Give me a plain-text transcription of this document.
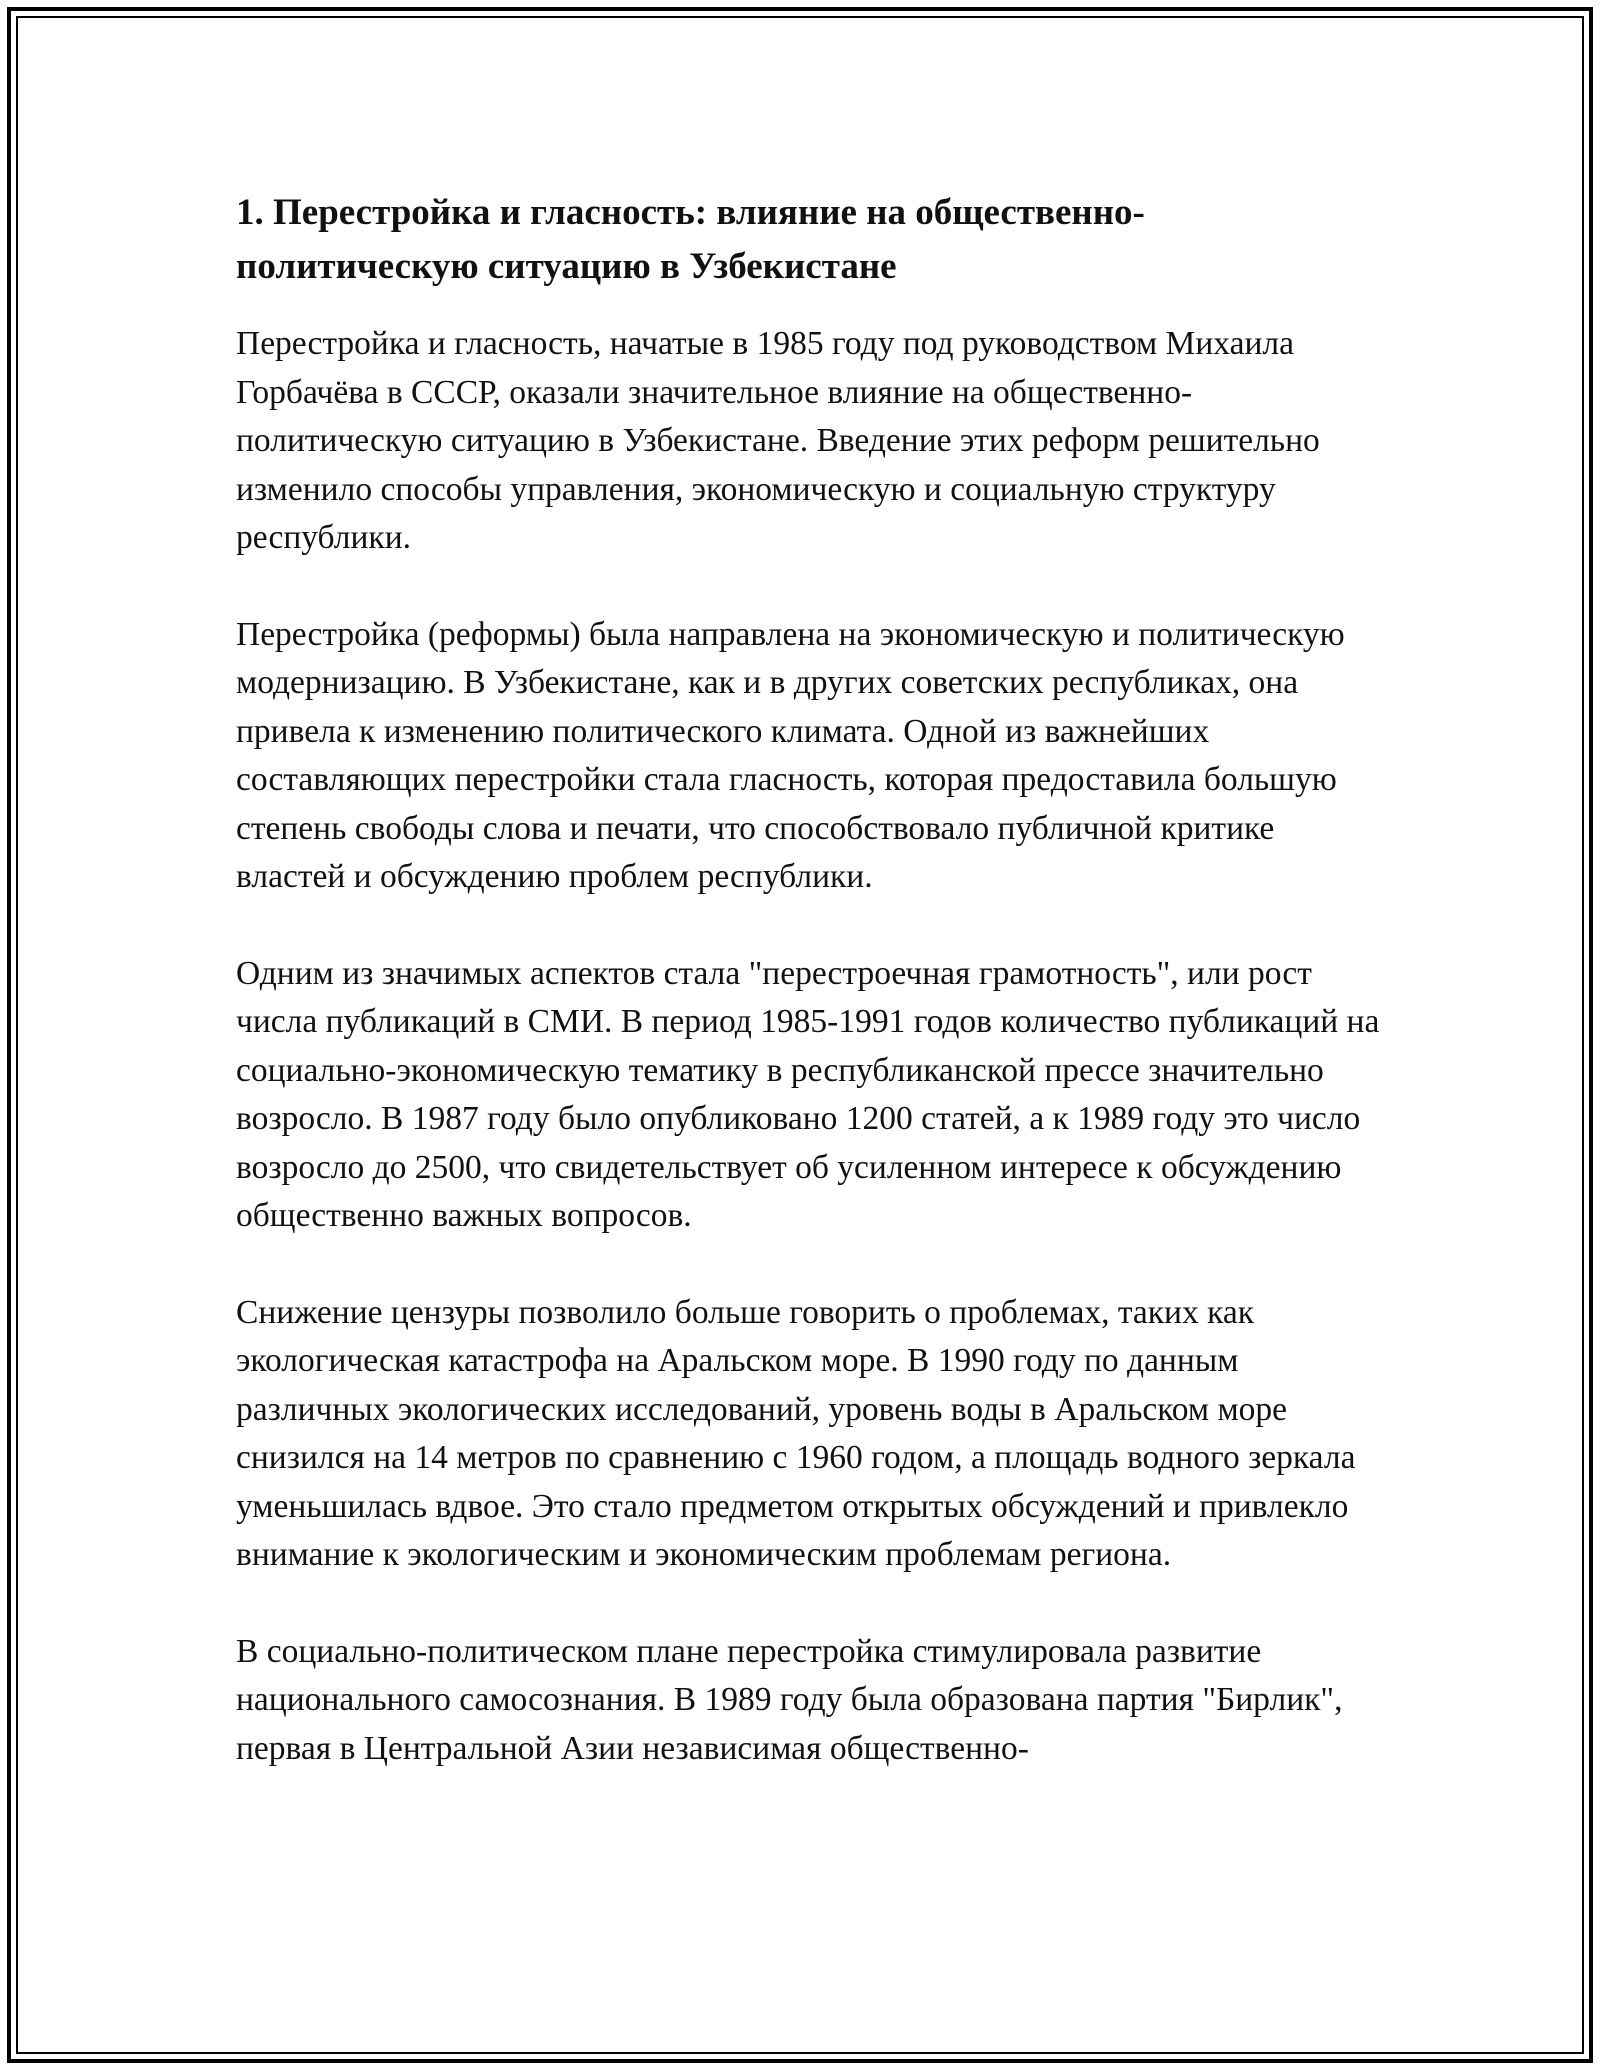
1. Перестройка и гласность: влияние на общественно-политическую ситуацию в Узбекистане

Перестройка и гласность, начатые в 1985 году под руководством Михаила Горбачёва в СССР, оказали значительное влияние на общественно-политическую ситуацию в Узбекистане. Введение этих реформ решительно изменило способы управления, экономическую и социальную структуру республики.

Перестройка (реформы) была направлена на экономическую и политическую модернизацию. В Узбекистане, как и в других советских республиках, она привела к изменению политического климата. Одной из важнейших составляющих перестройки стала гласность, которая предоставила большую степень свободы слова и печати, что способствовало публичной критике властей и обсуждению проблем республики.

Одним из значимых аспектов стала "перестроечная грамотность", или рост числа публикаций в СМИ. В период 1985-1991 годов количество публикаций на социально-экономическую тематику в республиканской прессе значительно возросло. В 1987 году было опубликовано 1200 статей, а к 1989 году это число возросло до 2500, что свидетельствует об усиленном интересе к обсуждению общественно важных вопросов.

Снижение цензуры позволило больше говорить о проблемах, таких как экологическая катастрофа на Аральском море. В 1990 году по данным различных экологических исследований, уровень воды в Аральском море снизился на 14 метров по сравнению с 1960 годом, а площадь водного зеркала уменьшилась вдвое. Это стало предметом открытых обсуждений и привлекло внимание к экологическим и экономическим проблемам региона.

В социально-политическом плане перестройка стимулировала развитие национального самосознания. В 1989 году была образована партия "Бирлик", первая в Центральной Азии независимая общественно-
